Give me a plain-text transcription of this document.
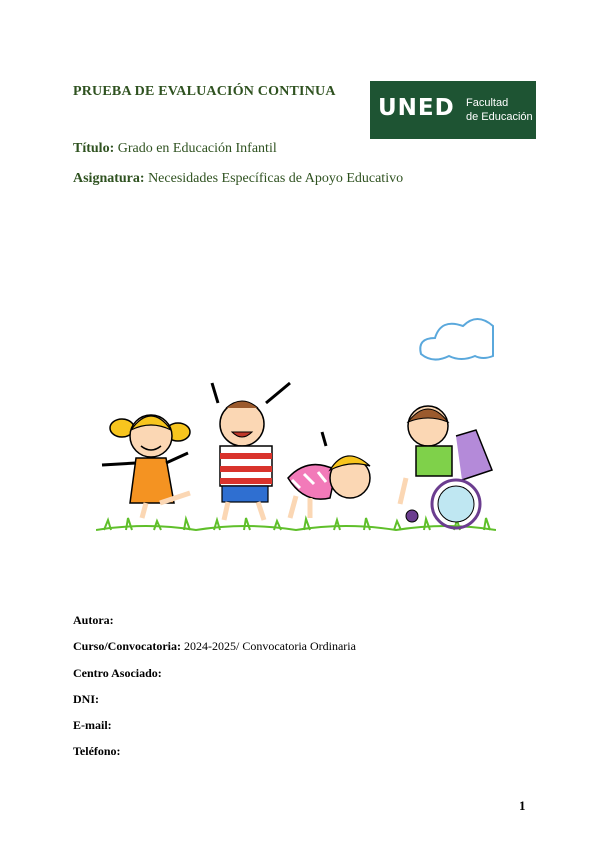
PRUEBA DE EVALUACIÓN CONTINUA
UNED Facultad
de Educación
Título: Grado en Educación Infantil
Asignatura: Necesidades Específicas de Apoyo Educativo
Autora:
Curso/Convocatoria: 2024-2025/ Convocatoria Ordinaria
Centro Asociado:
DNI:
E-mail:
Teléfono:
1
